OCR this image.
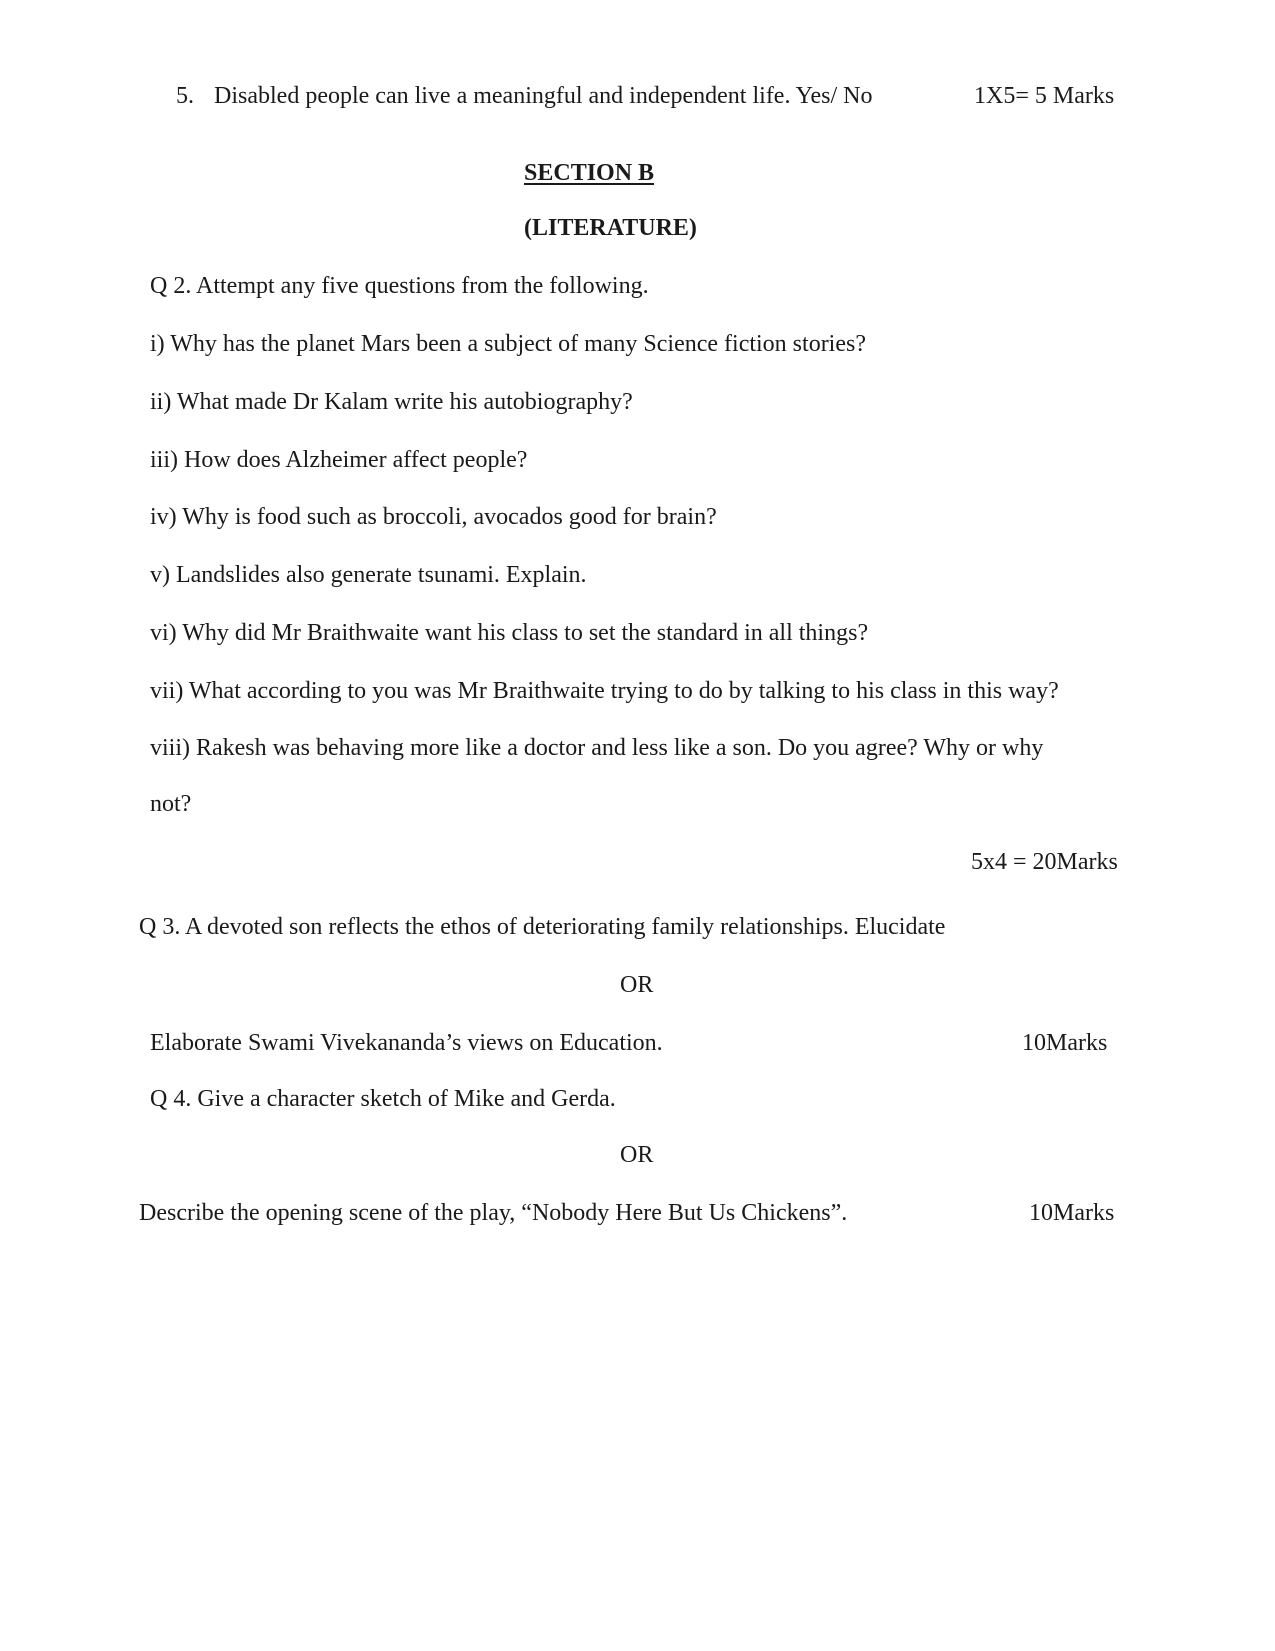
5. Disabled people can live a meaningful and independent life. Yes/ No	1X5= 5 Marks
SECTION B
(LITERATURE)
Q 2. Attempt any five questions from the following.
i) Why has the planet Mars been a subject of many Science fiction stories?
ii) What made Dr Kalam write his autobiography?
iii) How does Alzheimer affect people?
iv) Why is food such as broccoli, avocados good for brain?
v) Landslides also generate tsunami. Explain.
vi) Why did Mr Braithwaite want his class to set the standard in all things?
vii) What according to you was Mr Braithwaite trying to do by talking to his class in this way?
viii) Rakesh was behaving more like a doctor and less like a son. Do you agree? Why or why
not?
5x4 = 20Marks
Q 3. A devoted son reflects the ethos of deteriorating family relationships. Elucidate
OR
Elaborate Swami Vivekananda’s views on Education.	10Marks
Q 4. Give a character sketch of Mike and Gerda.
OR
Describe the opening scene of the play, “Nobody Here But Us Chickens”.	10Marks
